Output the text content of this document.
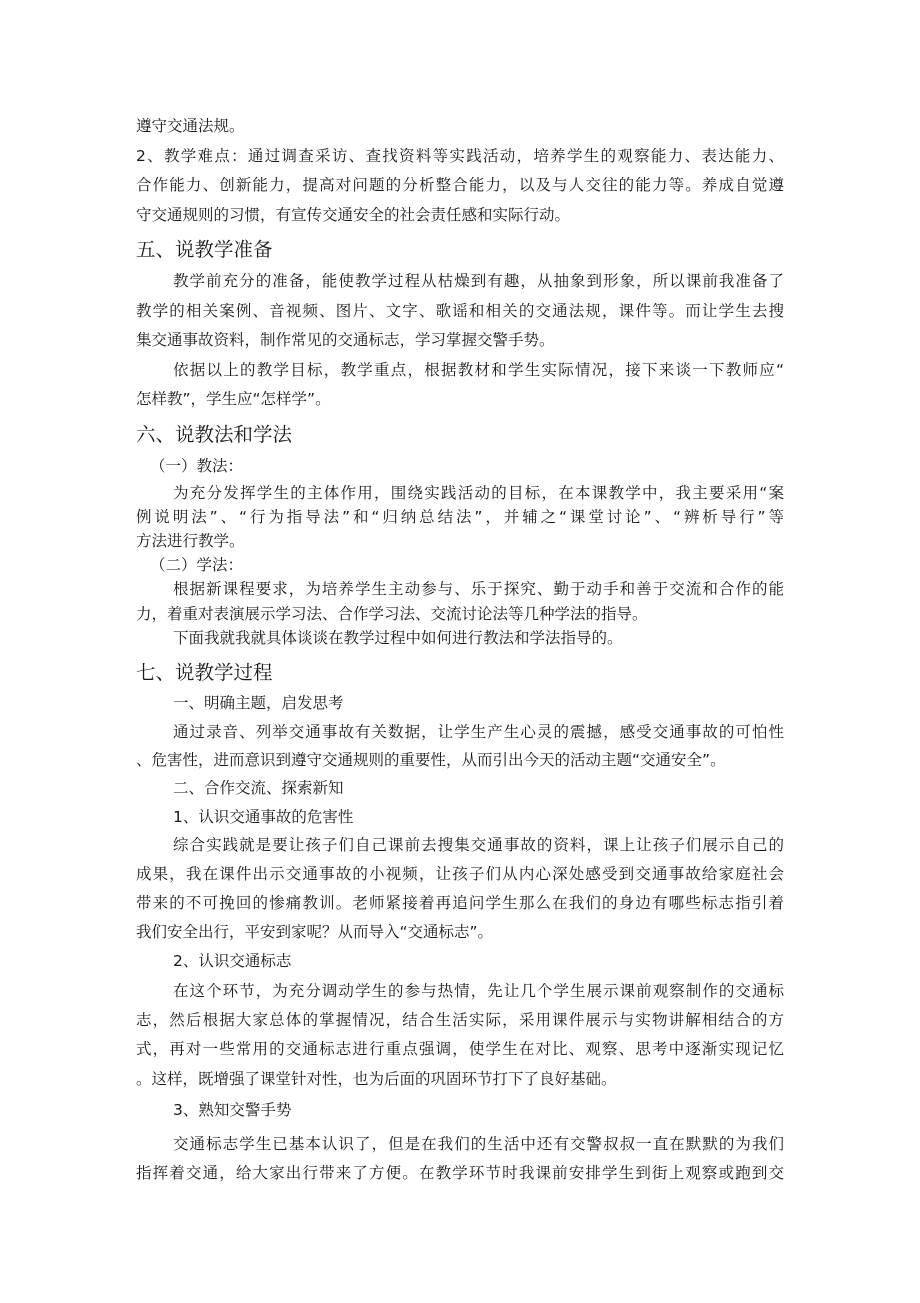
遵守交通法规。
2、教学难点：通过调查采访、查找资料等实践活动，培养学生的观察能力、表达能力、
合作能力、创新能力，提高对问题的分析整合能力，以及与人交往的能力等。养成自觉遵
守交通规则的习惯，有宣传交通安全的社会责任感和实际行动。
五、说教学准备
教学前充分的准备，能使教学过程从枯燥到有趣，从抽象到形象，所以课前我准备了
教学的相关案例、音视频、图片、文字、歌谣和相关的交通法规，课件等。而让学生去搜
集交通事故资料，制作常见的交通标志，学习掌握交警手势。
依据以上的教学目标，教学重点，根据教材和学生实际情况，接下来谈一下教师应“
怎样教”，学生应“怎样学”。
六、说教法和学法
（一）教法：
为充分发挥学生的主体作用，围绕实践活动的目标，在本课教学中，我主要采用“案
例说明法”、“行为指导法”和“归纳总结法”，并辅之“课堂讨论”、“辨析导行”等
方法进行教学。
（二）学法：
根据新课程要求，为培养学生主动参与、乐于探究、勤于动手和善于交流和合作的能
力，着重对表演展示学习法、合作学习法、交流讨论法等几种学法的指导。
下面我就我就具体谈谈在教学过程中如何进行教法和学法指导的。
七、说教学过程
一、明确主题，启发思考
通过录音、列举交通事故有关数据，让学生产生心灵的震撼，感受交通事故的可怕性
、危害性，进而意识到遵守交通规则的重要性，从而引出今天的活动主题“交通安全”。
二、合作交流、探索新知
1、认识交通事故的危害性
综合实践就是要让孩子们自己课前去搜集交通事故的资料，课上让孩子们展示自己的
成果，我在课件出示交通事故的小视频，让孩子们从内心深处感受到交通事故给家庭社会
带来的不可挽回的惨痛教训。老师紧接着再追问学生那么在我们的身边有哪些标志指引着
我们安全出行，平安到家呢？从而导入“交通标志”。
2、认识交通标志
在这个环节，为充分调动学生的参与热情，先让几个学生展示课前观察制作的交通标
志，然后根据大家总体的掌握情况，结合生活实际，采用课件展示与实物讲解相结合的方
式，再对一些常用的交通标志进行重点强调，使学生在对比、观察、思考中逐渐实现记忆
。这样，既增强了课堂针对性，也为后面的巩固环节打下了良好基础。
3、熟知交警手势
交通标志学生已基本认识了，但是在我们的生活中还有交警叔叔一直在默默的为我们
指挥着交通，给大家出行带来了方便。在教学环节时我课前安排学生到街上观察或跑到交
